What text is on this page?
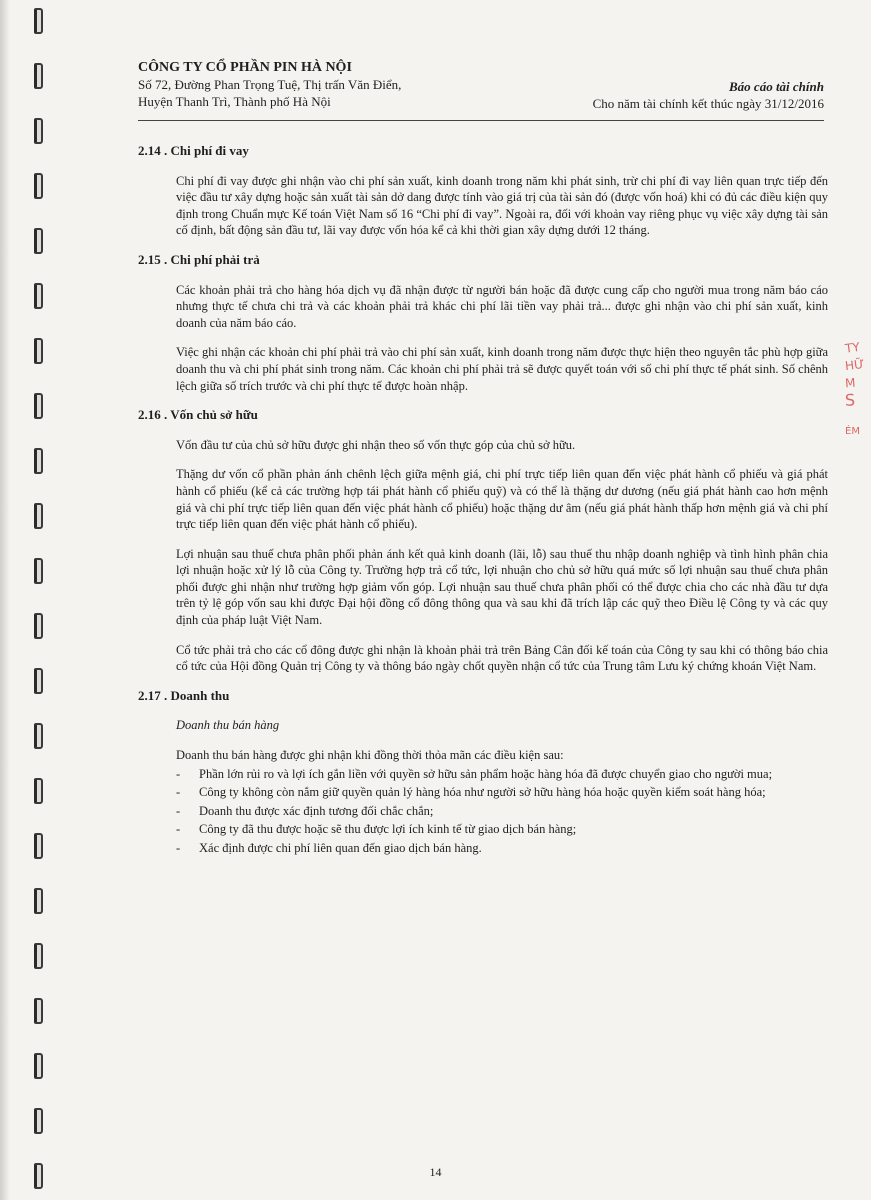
TY
HỮ
M
S
ÉM

CÔNG TY CỔ PHẦN PIN HÀ NỘI

Số 72, Đường Phan Trọng Tuệ, Thị trấn Văn Điển,
Huyện Thanh Trì, Thành phố Hà Nội
Báo cáo tài chính
Cho năm tài chính kết thúc ngày 31/12/2016
2.14 . Chi phí đi vay

Chi phí đi vay được ghi nhận vào chi phí sản xuất, kinh doanh trong năm khi phát sinh, trừ chi phí đi vay liên quan trực tiếp đến việc đầu tư xây dựng hoặc sản xuất tài sản dở dang được tính vào giá trị của tài sản đó (được vốn hoá) khi có đủ các điều kiện quy định trong Chuẩn mực Kế toán Việt Nam số 16 “Chi phí đi vay”. Ngoài ra, đối với khoản vay riêng phục vụ việc xây dựng tài sản cố định, bất động sản đầu tư, lãi vay được vốn hóa kể cả khi thời gian xây dựng dưới 12 tháng.

2.15 . Chi phí phải trả

Các khoản phải trả cho hàng hóa dịch vụ đã nhận được từ người bán hoặc đã được cung cấp cho người mua trong năm báo cáo nhưng thực tế chưa chi trả và các khoản phải trả khác chi phí lãi tiền vay phải trả... được ghi nhận vào chi phí sản xuất, kinh doanh của năm báo cáo.

Việc ghi nhận các khoản chi phí phải trả vào chi phí sản xuất, kinh doanh trong năm được thực hiện theo nguyên tắc phù hợp giữa doanh thu và chi phí phát sinh trong năm. Các khoản chi phí phải trả sẽ được quyết toán với số chi phí thực tế phát sinh. Số chênh lệch giữa số trích trước và chi phí thực tế được hoàn nhập.

2.16 . Vốn chủ sở hữu

Vốn đầu tư của chủ sở hữu được ghi nhận theo số vốn thực góp của chủ sở hữu.

Thặng dư vốn cổ phần phản ánh chênh lệch giữa mệnh giá, chi phí trực tiếp liên quan đến việc phát hành cổ phiếu và giá phát hành cổ phiếu (kể cả các trường hợp tái phát hành cổ phiếu quỹ) và có thể là thặng dư dương (nếu giá phát hành cao hơn mệnh giá và chi phí trực tiếp liên quan đến việc phát hành cổ phiếu) hoặc thặng dư âm (nếu giá phát hành thấp hơn mệnh giá và chi phí trực tiếp liên quan đến việc phát hành cổ phiếu).

Lợi nhuận sau thuế chưa phân phối phản ánh kết quả kinh doanh (lãi, lỗ) sau thuế thu nhập doanh nghiệp và tình hình phân chia lợi nhuận hoặc xử lý lỗ của Công ty. Trường hợp trả cổ tức, lợi nhuận cho chủ sở hữu quá mức số lợi nhuận sau thuế chưa phân phối được ghi nhận như trường hợp giảm vốn góp. Lợi nhuận sau thuế chưa phân phối có thể được chia cho các nhà đầu tư dựa trên tỷ lệ góp vốn sau khi được Đại hội đồng cổ đông thông qua và sau khi đã trích lập các quỹ theo Điều lệ Công ty và các quy định của pháp luật Việt Nam.

Cổ tức phải trả cho các cổ đông được ghi nhận là khoản phải trả trên Bảng Cân đối kế toán của Công ty sau khi có thông báo chia cổ tức của Hội đồng Quản trị Công ty và thông báo ngày chốt quyền nhận cổ tức của Trung tâm Lưu ký chứng khoán Việt Nam.

2.17 . Doanh thu

Doanh thu bán hàng

Doanh thu bán hàng được ghi nhận khi đồng thời thỏa mãn các điều kiện sau:

- Phần lớn rủi ro và lợi ích gắn liền với quyền sở hữu sản phẩm hoặc hàng hóa đã được chuyển giao cho người mua;
- Công ty không còn nắm giữ quyền quản lý hàng hóa như người sở hữu hàng hóa hoặc quyền kiểm soát hàng hóa;
- Doanh thu được xác định tương đối chắc chắn;
- Công ty đã thu được hoặc sẽ thu được lợi ích kinh tế từ giao dịch bán hàng;
- Xác định được chi phí liên quan đến giao dịch bán hàng.
14
